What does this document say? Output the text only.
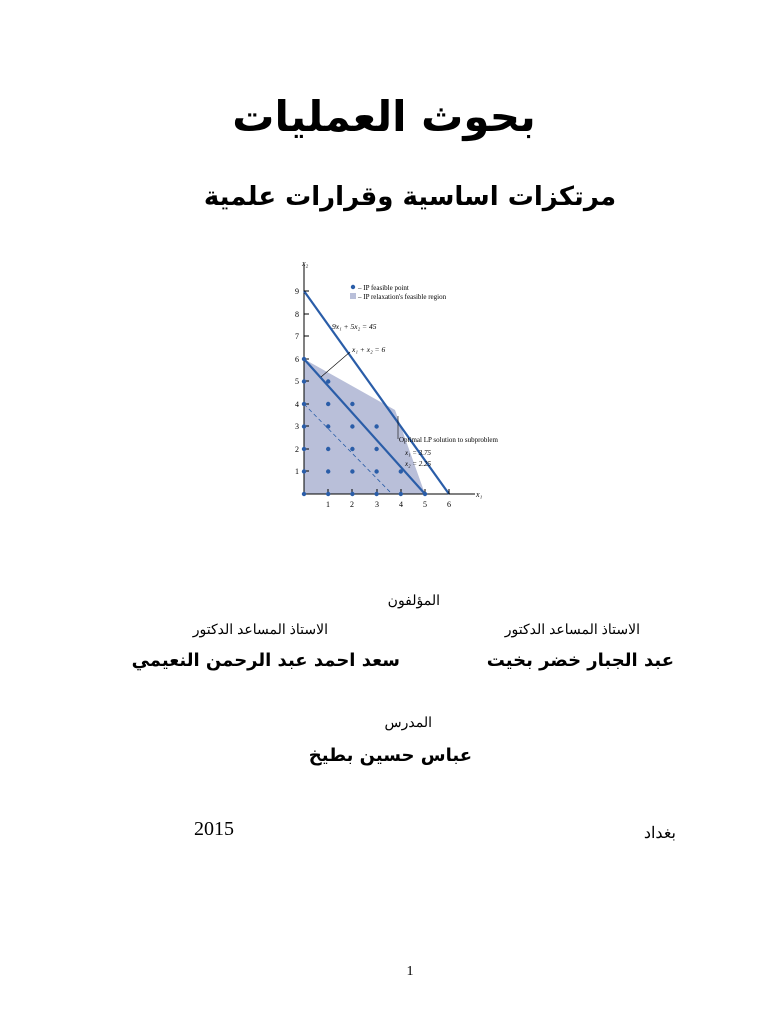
بحوث العمليات
مرتكزات اساسية وقرارات علمية
1
2
3
4
5
6
7
8
9
1	2	3	4	5	6
x₂
x₁
– IP feasible point
– IP relaxation's feasible region
9x₁ + 5x₂ = 45
x₁ + x₂ = 6
Optimal LP solution to subproblem 1
x₁ = 3.75
x₂ = 2.25
المؤلفون
الاستاذ المساعد الدكتور
الاستاذ المساعد الدكتور
عبد الجبار خضر بخيت
سعد احمد عبد الرحمن النعيمي
المدرس
عباس حسين بطيخ
بغداد
2015
1
